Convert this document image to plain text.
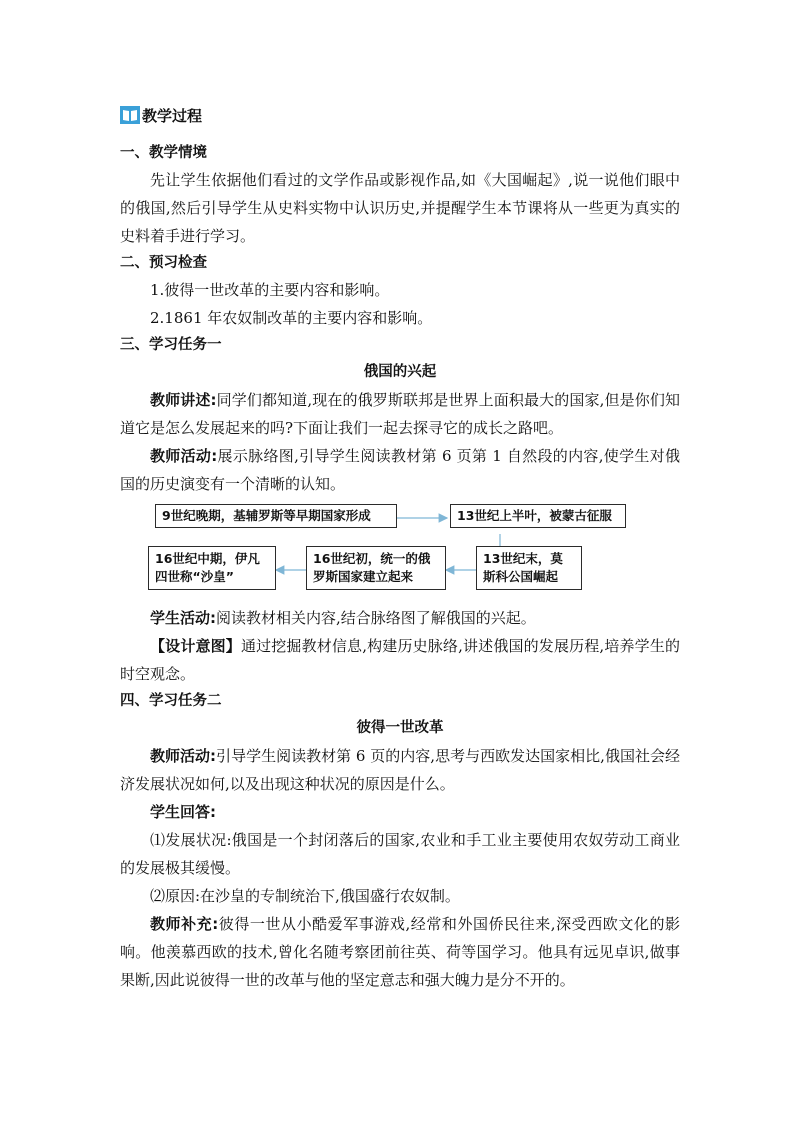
教学过程
一、教学情境

先让学生依据他们看过的文学作品或影视作品,如《大国崛起》,说一说他们眼中的俄国,然后引导学生从史料实物中认识历史,并提醒学生本节课将从一些更为真实的史料着手进行学习。

二、预习检查

1.彼得一世改革的主要内容和影响。

2.1861 年农奴制改革的主要内容和影响。

三、学习任务一

俄国的兴起

教师讲述:同学们都知道,现在的俄罗斯联邦是世界上面积最大的国家,但是你们知道它是怎么发展起来的吗?下面让我们一起去探寻它的成长之路吧。

教师活动:展示脉络图,引导学生阅读教材第 6 页第 1 自然段的内容,使学生对俄国的历史演变有一个清晰的认知。

9世纪晚期，基辅罗斯等早期国家形成	13世纪上半叶，被蒙古征服
13世纪末，莫斯科公国崛起
16世纪初，统一的俄罗斯国家建立起来
16世纪中期，伊凡四世称“沙皇”

学生活动:阅读教材相关内容,结合脉络图了解俄国的兴起。

【设计意图】通过挖掘教材信息,构建历史脉络,讲述俄国的发展历程,培养学生的时空观念。

四、学习任务二

彼得一世改革

教师活动:引导学生阅读教材第 6 页的内容,思考与西欧发达国家相比,俄国社会经济发展状况如何,以及出现这种状况的原因是什么。

学生回答:

⑴发展状况:俄国是一个封闭落后的国家,农业和手工业主要使用农奴劳动工商业的发展极其缓慢。

⑵原因:在沙皇的专制统治下,俄国盛行农奴制。

教师补充:彼得一世从小酷爱军事游戏,经常和外国侨民往来,深受西欧文化的影响。他羡慕西欧的技术,曾化名随考察团前往英、荷等国学习。他具有远见卓识,做事果断,因此说彼得一世的改革与他的坚定意志和强大魄力是分不开的。
